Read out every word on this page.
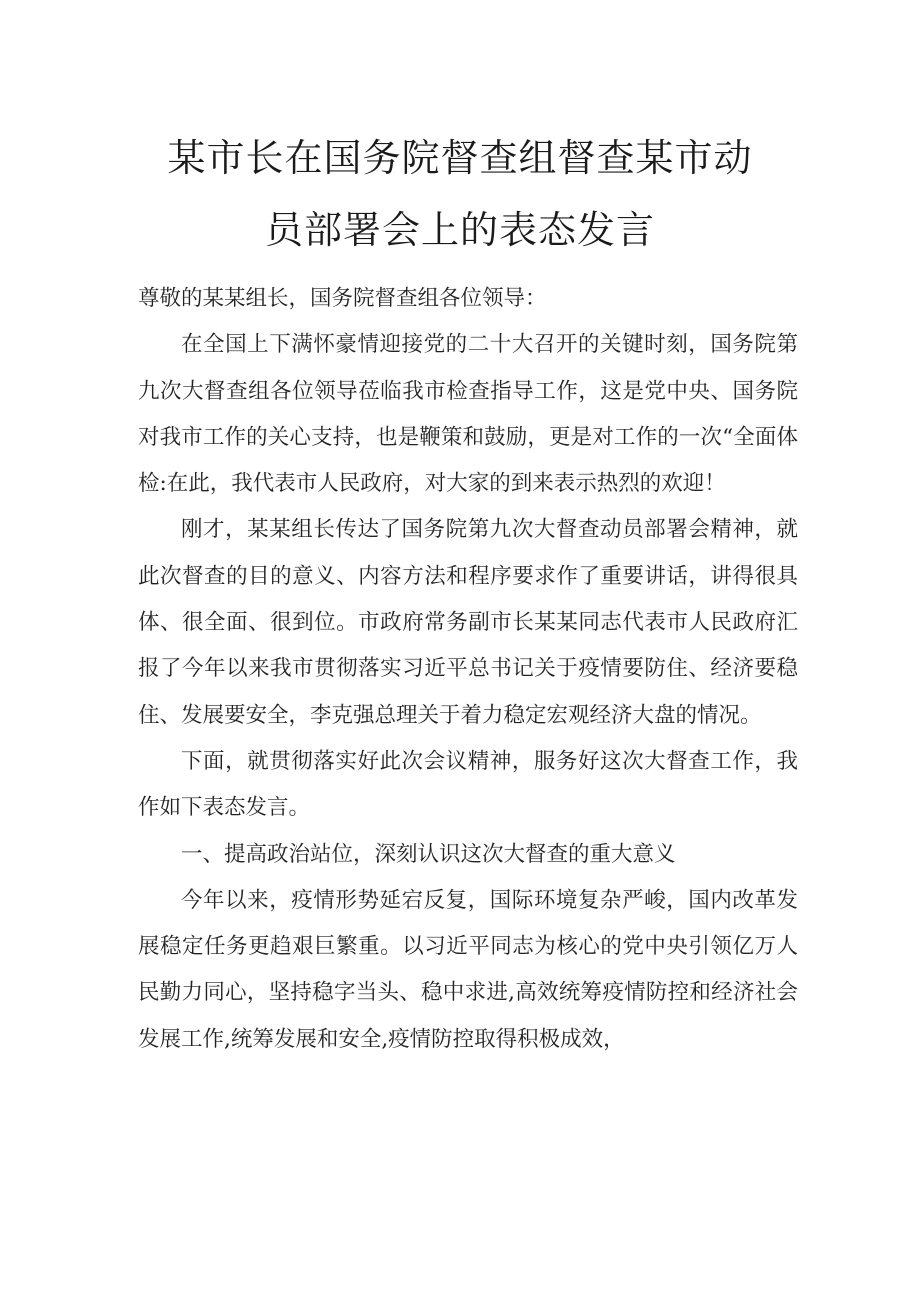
某市长在国务院督查组督查某市动
员部署会上的表态发言

尊敬的某某组长，国务院督查组各位领导：

在全国上下满怀豪情迎接党的二十大召开的关键时刻，国务院第九次大督查组各位领导莅临我市检查指导工作，这是党中央、国务院对我市工作的关心支持，也是鞭策和鼓励，更是对工作的一次“全面体检:在此，我代表市人民政府，对大家的到来表示热烈的欢迎！

刚才，某某组长传达了国务院第九次大督查动员部署会精神，就此次督查的目的意义、内容方法和程序要求作了重要讲话，讲得很具体、很全面、很到位。市政府常务副市长某某同志代表市人民政府汇报了今年以来我市贯彻落实习近平总书记关于疫情要防住、经济要稳住、发展要安全，李克强总理关于着力稳定宏观经济大盘的情况。

下面，就贯彻落实好此次会议精神，服务好这次大督查工作，我作如下表态发言。

一、提高政治站位，深刻认识这次大督查的重大意义

今年以来，疫情形势延宕反复，国际环境复杂严峻，国内改革发展稳定任务更趋艰巨繁重。以习近平同志为核心的党中央引领亿万人民勤力同心，坚持稳字当头、稳中求进,高效统筹疫情防控和经济社会发展工作,统筹发展和安全,疫情防控取得积极成效，
